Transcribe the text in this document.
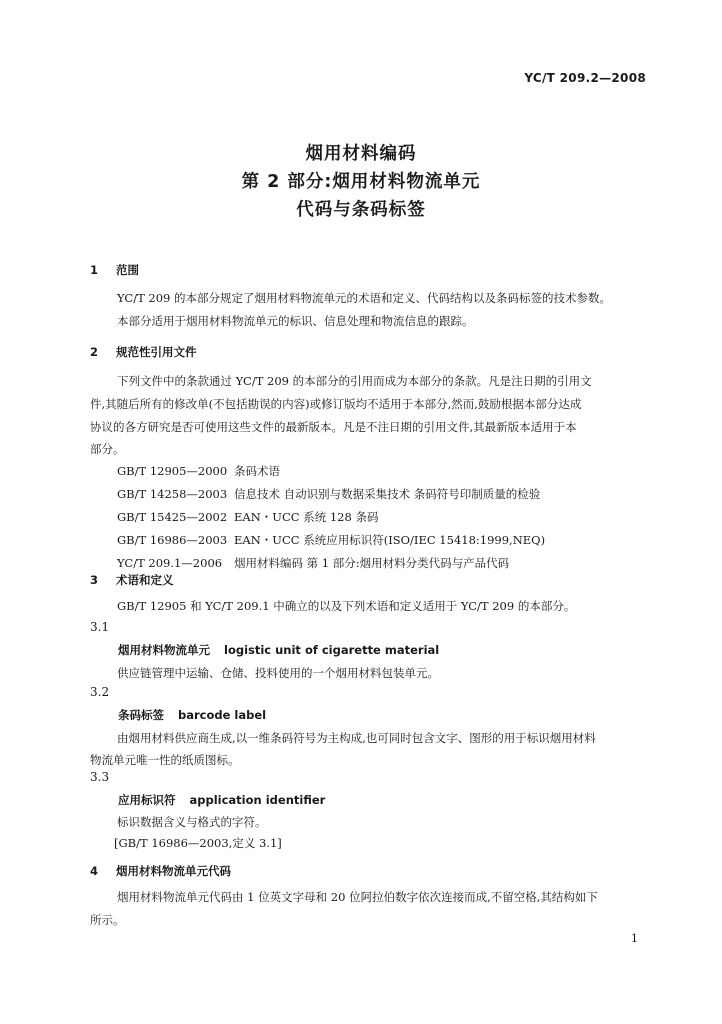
YC/T 209.2—2008
烟用材料编码
第 2 部分:烟用材料物流单元
代码与条码标签
1 范围
YC/T 209 的本部分规定了烟用材料物流单元的术语和定义、代码结构以及条码标签的技术参数。
本部分适用于烟用材料物流单元的标识、信息处理和物流信息的跟踪。
2 规范性引用文件
下列文件中的条款通过 YC/T 209 的本部分的引用而成为本部分的条款。凡是注日期的引用文
件,其随后所有的修改单(不包括勘误的内容)或修订版均不适用于本部分,然而,鼓励根据本部分达成
协议的各方研究是否可使用这些文件的最新版本。凡是不注日期的引用文件,其最新版本适用于本
部分。
GB/T 12905—2000 条码术语
GB/T 14258—2003 信息技术 自动识别与数据采集技术 条码符号印制质量的检验
GB/T 15425—2002 EAN・UCC 系统 128 条码
GB/T 16986—2003 EAN・UCC 系统应用标识符(ISO/IEC 15418:1999,NEQ)
YC/T 209.1—2006 烟用材料编码 第 1 部分:烟用材料分类代码与产品代码
3 术语和定义
GB/T 12905 和 YC/T 209.1 中确立的以及下列术语和定义适用于 YC/T 209 的本部分。
3.1
烟用材料物流单元 logistic unit of cigarette material
供应链管理中运输、仓储、投料使用的一个烟用材料包装单元。
3.2
条码标签 barcode label
由烟用材料供应商生成,以一维条码符号为主构成,也可同时包含文字、图形的用于标识烟用材料
物流单元唯一性的纸质图标。
3.3
应用标识符 application identifier
标识数据含义与格式的字符。
[GB/T 16986—2003,定义 3.1]
4 烟用材料物流单元代码
烟用材料物流单元代码由 1 位英文字母和 20 位阿拉伯数字依次连接而成,不留空格,其结构如下
所示。
1
